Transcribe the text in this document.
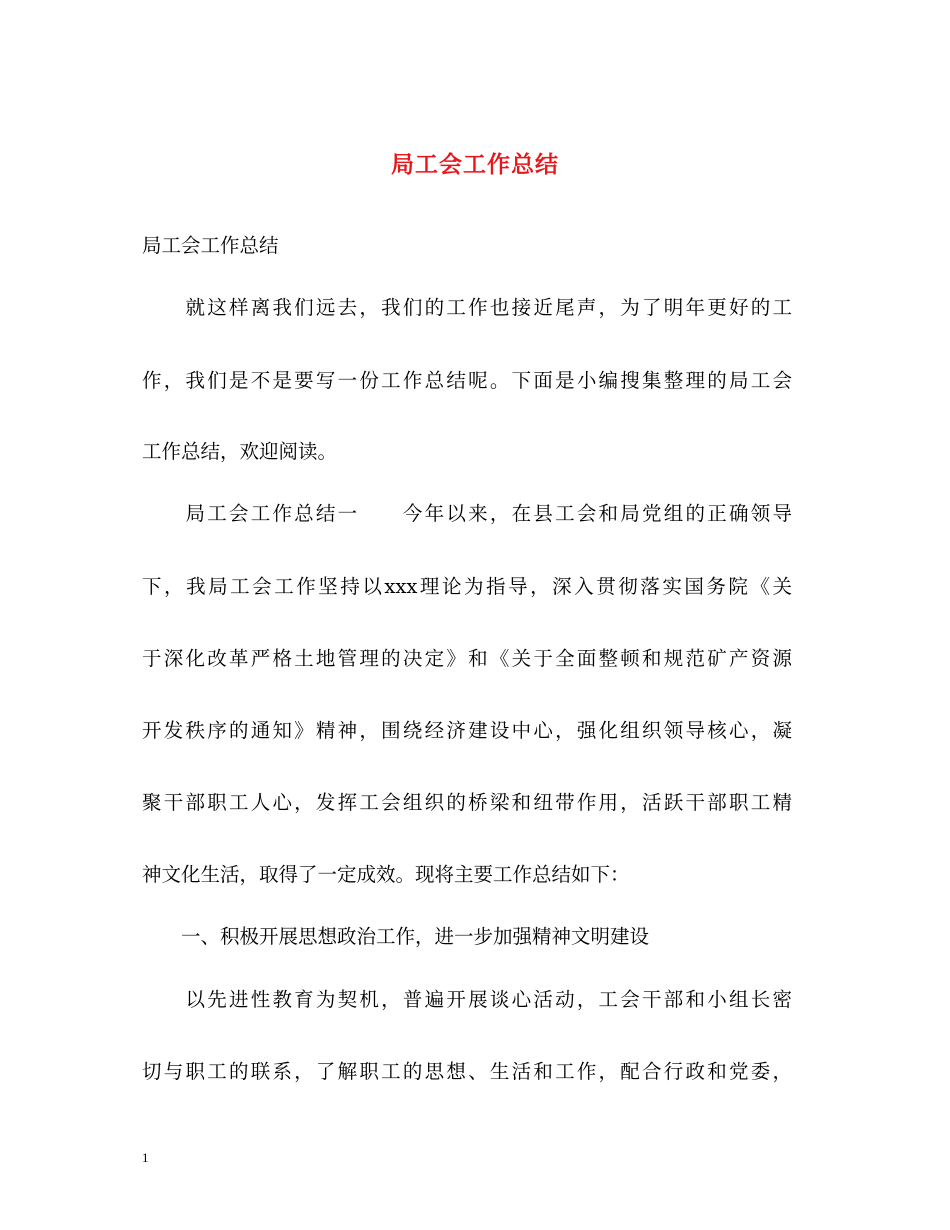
局工会工作总结
局工会工作总结
　　就这样离我们远去，我们的工作也接近尾声，为了明年更好的工
作，我们是不是要写一份工作总结呢。下面是小编搜集整理的局工会
工作总结，欢迎阅读。
　　局工会工作总结一　　今年以来，在县工会和局党组的正确领导
下，我局工会工作坚持以xxx理论为指导，深入贯彻落实国务院《关
于深化改革严格土地管理的决定》和《关于全面整顿和规范矿产资源
开发秩序的通知》精神，围绕经济建设中心，强化组织领导核心，凝
聚干部职工人心，发挥工会组织的桥梁和纽带作用，活跃干部职工精
神文化生活，取得了一定成效。现将主要工作总结如下：
　　一、积极开展思想政治工作，进一步加强精神文明建设
　　以先进性教育为契机，普遍开展谈心活动，工会干部和小组长密
切与职工的联系，了解职工的思想、生活和工作，配合行政和党委，
1
